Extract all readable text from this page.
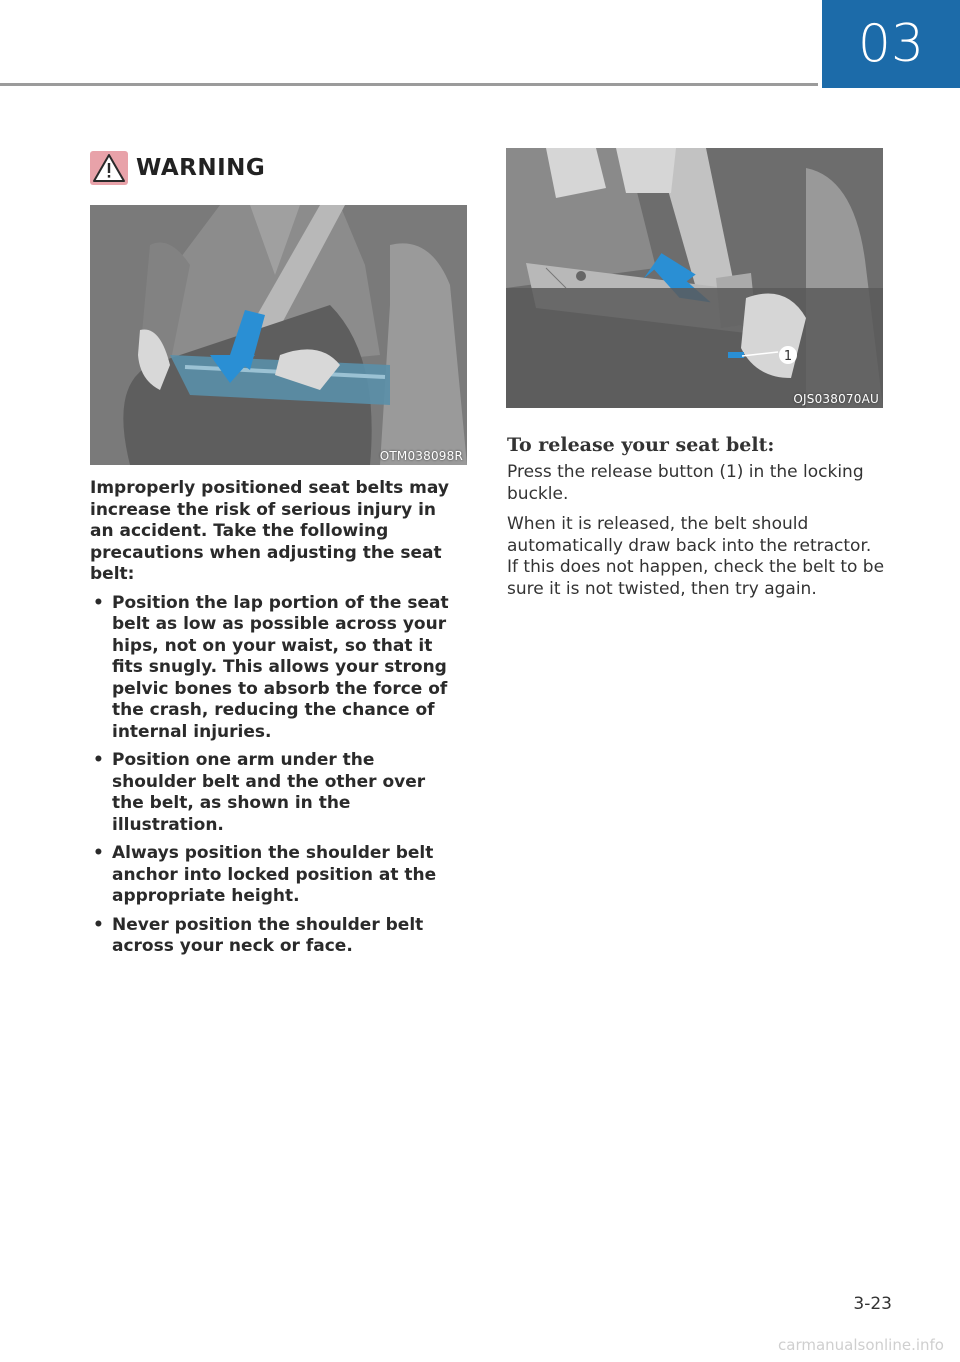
03
WARNING
OTM038098R
1
OJS038070AU

Improperly positioned seat belts may increase the risk of serious injury in an accident. Take the following precautions when adjusting the seat belt:

• Position the lap portion of the seat belt as low as possible across your hips, not on your waist, so that it fits snugly. This allows your strong pelvic bones to absorb the force of the crash, reducing the chance of internal injuries.
• Position one arm under the shoulder belt and the other over the belt, as shown in the illustration.
• Always position the shoulder belt anchor into locked position at the appropriate height.
• Never position the shoulder belt across your neck or face.
To release your seat belt:

Press the release button (1) in the locking buckle.

When it is released, the belt should automatically draw back into the retractor. If this does not happen, check the belt to be sure it is not twisted, then try again.

3-23
carmanualsonline.info
